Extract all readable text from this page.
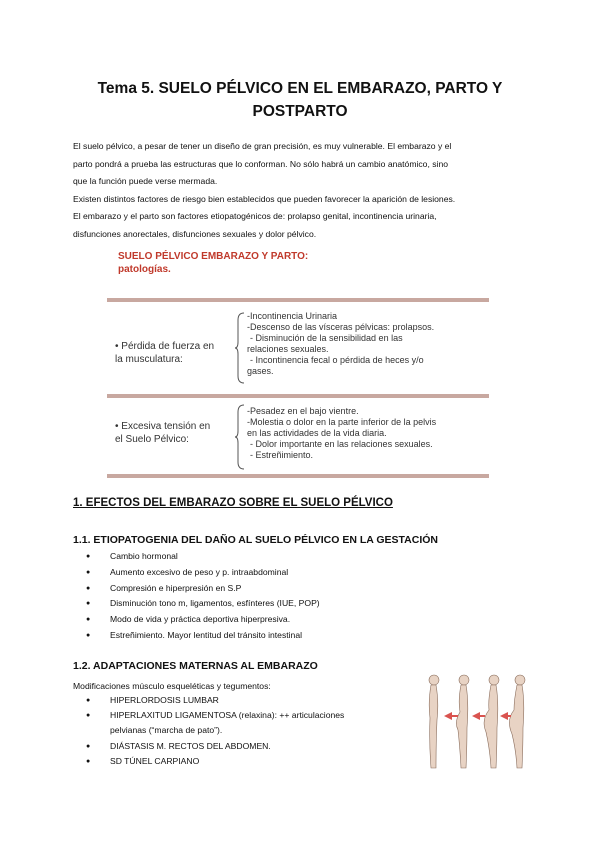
Tema 5. SUELO PÉLVICO EN EL EMBARAZO, PARTO Y
POSTPARTO
El suelo pélvico, a pesar de tener un diseño de gran precisión, es muy vulnerable. El embarazo y el
parto pondrá a prueba las estructuras que lo conforman. No sólo habrá un cambio anatómico, sino
que la función puede verse mermada.
Existen distintos factores de riesgo bien establecidos que pueden favorecer la aparición de lesiones.
El embarazo y el parto son factores etiopatogénicos de: prolapso genital, incontinencia urinaria,
disfunciones anorectales, disfunciones sexuales y dolor pélvico.
SUELO PÉLVICO EMBARAZO Y PARTO:
patologías.
• Pérdida de fuerza en
la musculatura:
-Incontinencia Urinaria
-Descenso de las vísceras pélvicas: prolapsos.
- Disminución de la sensibilidad en las
relaciones sexuales.
- Incontinencia fecal o pérdida de heces y/o
gases.
• Excesiva tensión en
el Suelo Pélvico:
-Pesadez en el bajo vientre.
-Molestia o dolor en la parte inferior de la pelvis
en las actividades de la vida diaria.
- Dolor importante en las relaciones sexuales.
- Estreñimiento.
1. EFECTOS DEL EMBARAZO SOBRE EL SUELO PÉLVICO
1.1. ETIOPATOGENIA DEL DAÑO AL SUELO PÉLVICO EN LA GESTACIÓN
● Cambio hormonal
● Aumento excesivo de peso y p. intraabdominal
● Compresión e hiperpresión en S.P
● Disminución tono m, ligamentos, esfínteres (IUE, POP)
● Modo de vida y práctica deportiva hiperpresiva.
● Estreñimiento. Mayor lentitud del tránsito intestinal
1.2. ADAPTACIONES MATERNAS AL EMBARAZO
Modificaciones músculo esqueléticas y tegumentos:
● HIPERLORDOSIS LUMBAR
● HIPERLAXITUD LIGAMENTOSA (relaxina): ++ articulaciones
pelvianas (“marcha de pato”).
● DIÁSTASIS M. RECTOS DEL ABDOMEN.
● SD TÚNEL CARPIANO
